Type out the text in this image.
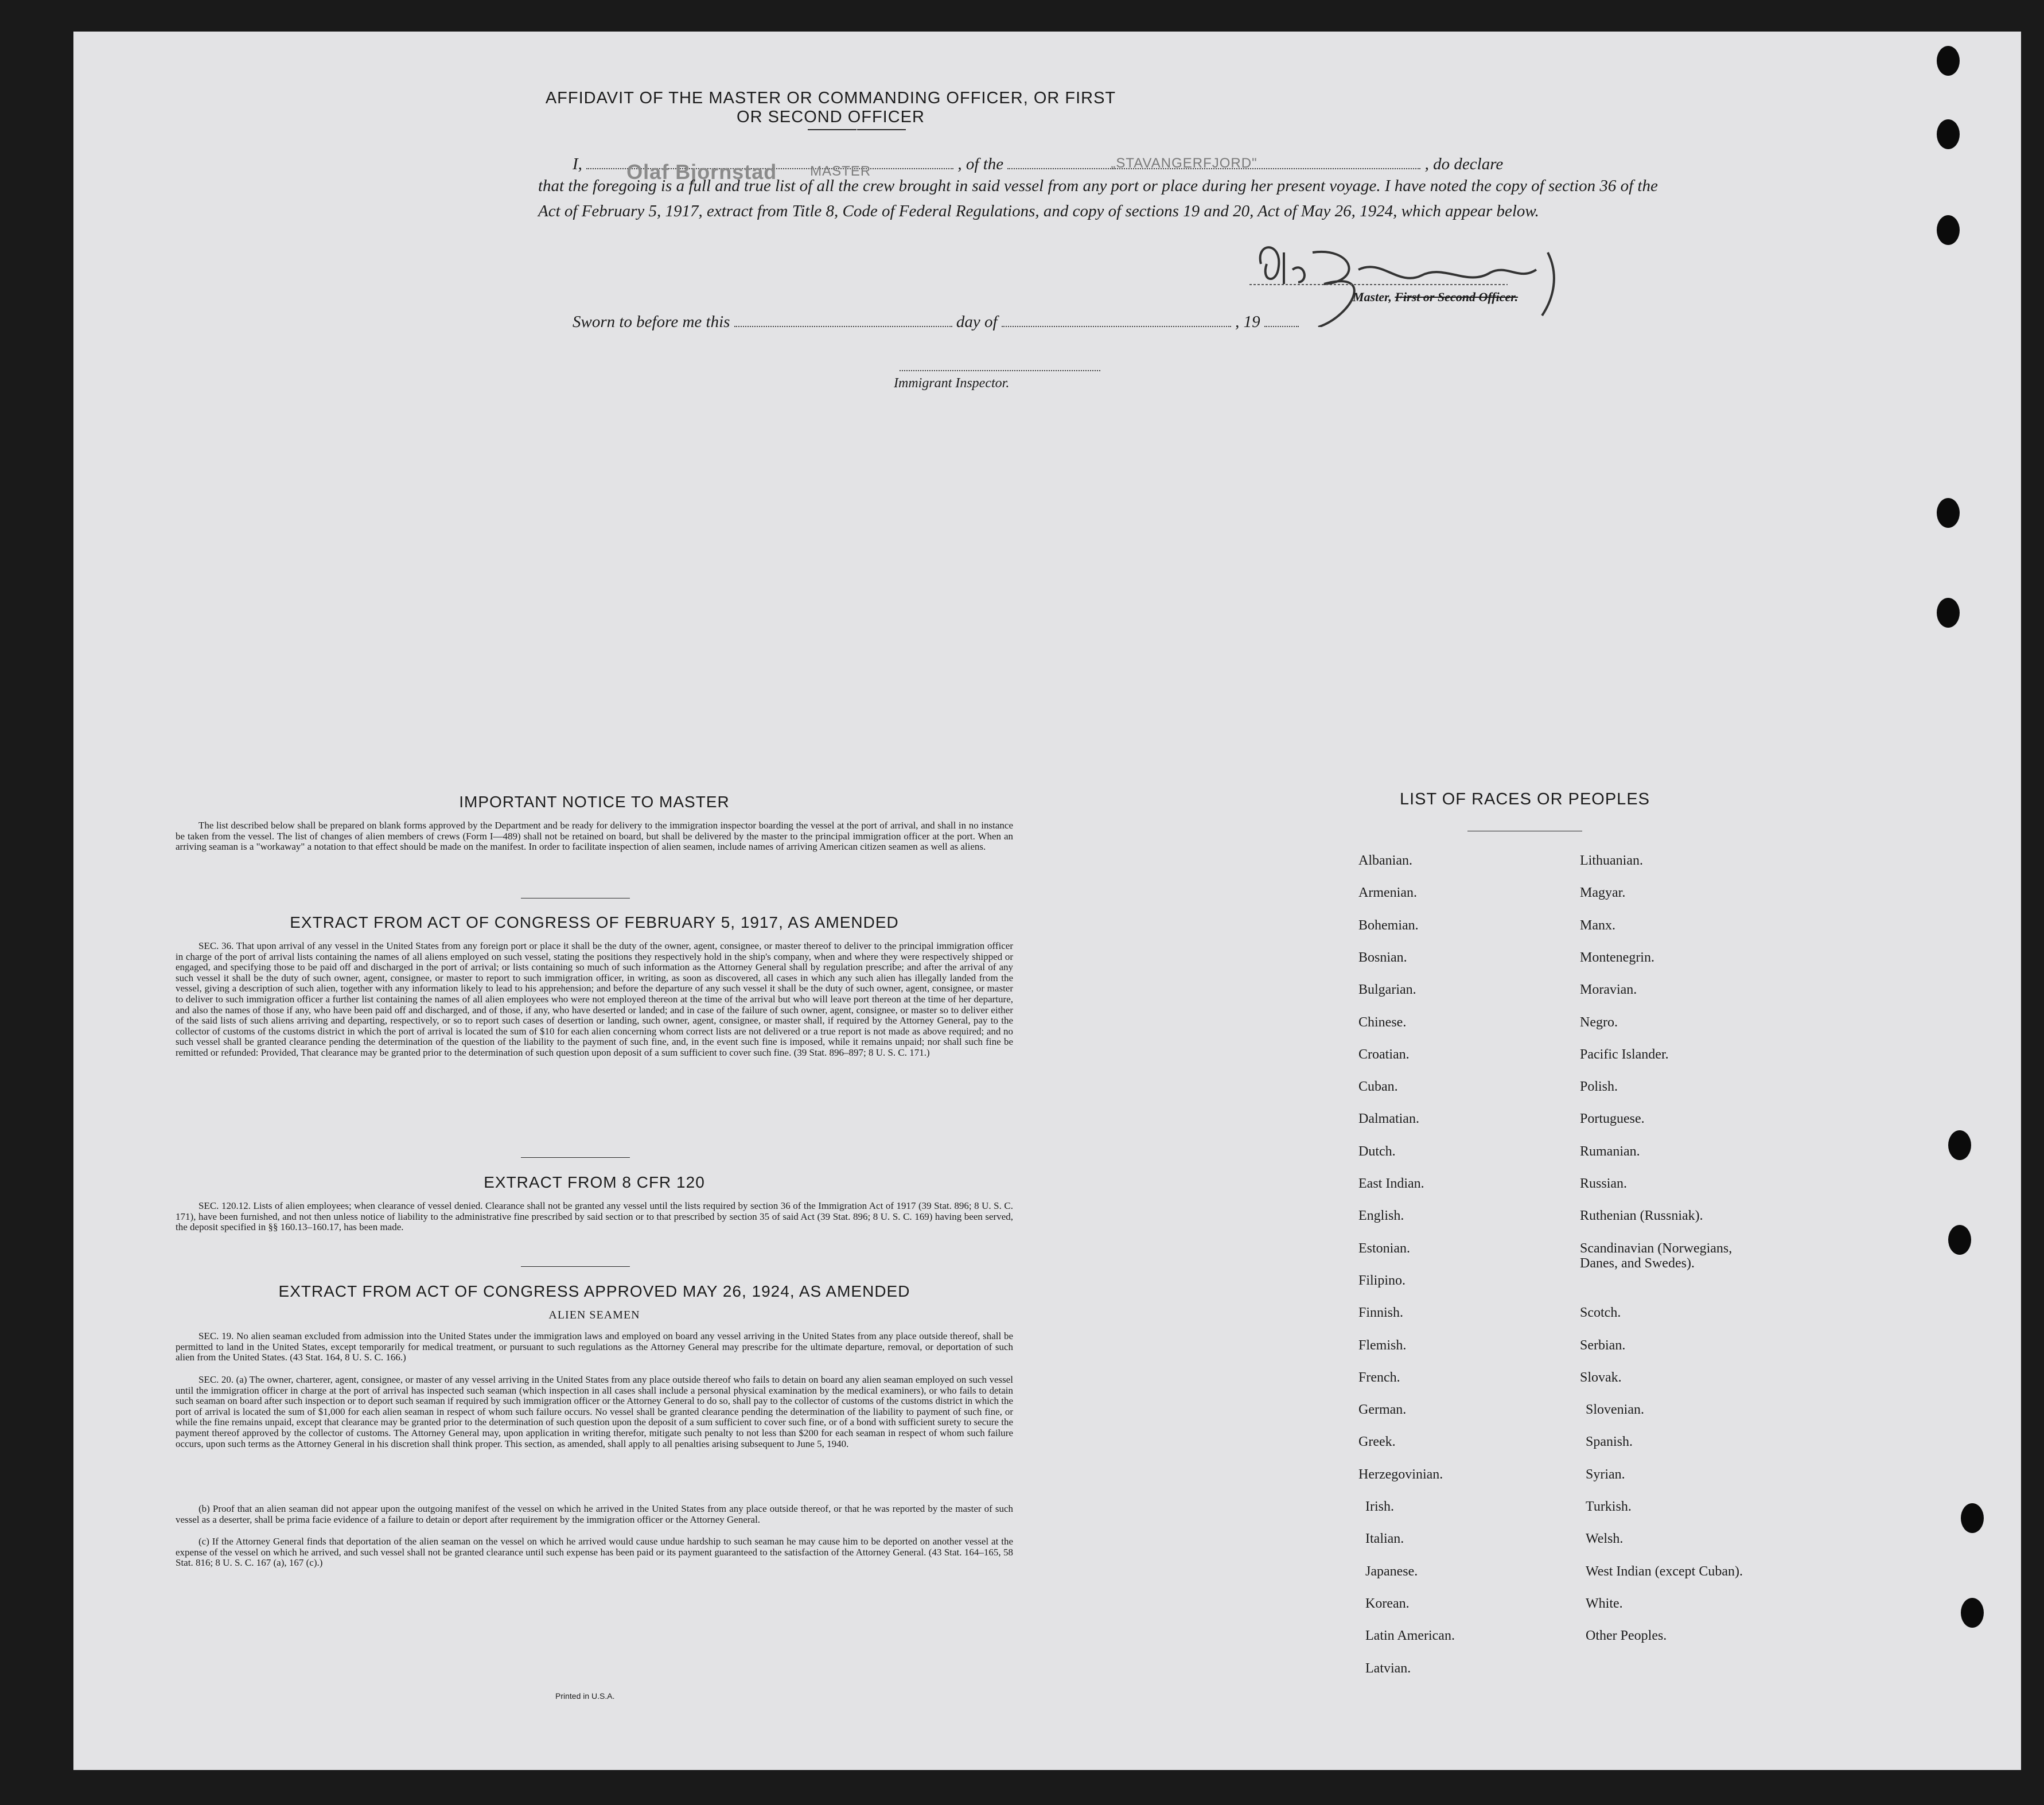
AFFIDAVIT OF THE MASTER OR COMMANDING OFFICER, OR FIRST OR SECOND OFFICER
I, Olaf Bjornstad MASTER	, of the	„STAVANGERFJORD"	, do declare
that the foregoing is a full and true list of all the crew brought in said vessel from any port or place during her present voyage. I have noted the copy of section 36 of the Act of February 5, 1917, extract from Title 8, Code of Federal Regulations, and copy of sections 19 and 20, Act of May 26, 1924, which appear below.
Master, First or Second Officer.
Sworn to before me this	day of	, 19
Immigrant Inspector.
IMPORTANT NOTICE TO MASTER

The list described below shall be prepared on blank forms approved by the Department and be ready for delivery to the immigration inspector boarding the vessel at the port of arrival, and shall in no instance be taken from the vessel. The list of changes of alien members of crews (Form I—489) shall not be retained on board, but shall be delivered by the master to the principal immigration officer at the port. When an arriving seaman is a "workaway" a notation to that effect should be made on the manifest. In order to facilitate inspection of alien seamen, include names of arriving American citizen seamen as well as aliens.

EXTRACT FROM ACT OF CONGRESS OF FEBRUARY 5, 1917, AS AMENDED

SEC. 36. That upon arrival of any vessel in the United States from any foreign port or place it shall be the duty of the owner, agent, consignee, or master thereof to deliver to the principal immigration officer in charge of the port of arrival lists containing the names of all aliens employed on such vessel, stating the positions they respectively hold in the ship's company, when and where they were respectively shipped or engaged, and specifying those to be paid off and discharged in the port of arrival; or lists containing so much of such information as the Attorney General shall by regulation prescribe; and after the arrival of any such vessel it shall be the duty of such owner, agent, consignee, or master to report to such immigration officer, in writing, as soon as discovered, all cases in which any such alien has illegally landed from the vessel, giving a description of such alien, together with any information likely to lead to his apprehension; and before the departure of any such vessel it shall be the duty of such owner, agent, consignee, or master to deliver to such immigration officer a further list containing the names of all alien employees who were not employed thereon at the time of the arrival but who will leave port thereon at the time of her departure, and also the names of those if any, who have been paid off and discharged, and of those, if any, who have deserted or landed; and in case of the failure of such owner, agent, consignee, or master so to deliver either of the said lists of such aliens arriving and departing, respectively, or so to report such cases of desertion or landing, such owner, agent, consignee, or master shall, if required by the Attorney General, pay to the collector of customs of the customs district in which the port of arrival is located the sum of $10 for each alien concerning whom correct lists are not delivered or a true report is not made as above required; and no such vessel shall be granted clearance pending the determination of the question of the liability to the payment of such fine, and, in the event such fine is imposed, while it remains unpaid; nor shall such fine be remitted or refunded: Provided, That clearance may be granted prior to the determination of such question upon deposit of a sum sufficient to cover such fine. (39 Stat. 896–897; 8 U. S. C. 171.)

EXTRACT FROM 8 CFR 120

SEC. 120.12. Lists of alien employees; when clearance of vessel denied. Clearance shall not be granted any vessel until the lists required by section 36 of the Immigration Act of 1917 (39 Stat. 896; 8 U. S. C. 171), have been furnished, and not then unless notice of liability to the administrative fine prescribed by said section or to that prescribed by section 35 of said Act (39 Stat. 896; 8 U. S. C. 169) having been served, the deposit specified in §§ 160.13–160.17, has been made.

EXTRACT FROM ACT OF CONGRESS APPROVED MAY 26, 1924, AS AMENDED
ALIEN SEAMEN

SEC. 19. No alien seaman excluded from admission into the United States under the immigration laws and employed on board any vessel arriving in the United States from any place outside thereof, shall be permitted to land in the United States, except temporarily for medical treatment, or pursuant to such regulations as the Attorney General may prescribe for the ultimate departure, removal, or deportation of such alien from the United States. (43 Stat. 164, 8 U. S. C. 166.)

SEC. 20. (a) The owner, charterer, agent, consignee, or master of any vessel arriving in the United States from any place outside thereof who fails to detain on board any alien seaman employed on such vessel until the immigration officer in charge at the port of arrival has inspected such seaman (which inspection in all cases shall include a personal physical examination by the medical examiners), or who fails to detain such seaman on board after such inspection or to deport such seaman if required by such immigration officer or the Attorney General to do so, shall pay to the collector of customs of the customs district in which the port of arrival is located the sum of $1,000 for each alien seaman in respect of whom such failure occurs. No vessel shall be granted clearance pending the determination of the liability to payment of such fine, or while the fine remains unpaid, except that clearance may be granted prior to the determination of such question upon the deposit of a sum sufficient to cover such fine, or of a bond with sufficient surety to secure the payment thereof approved by the collector of customs. The Attorney General may, upon application in writing therefor, mitigate such penalty to not less than $200 for each seaman in respect of whom such failure occurs, upon such terms as the Attorney General in his discretion shall think proper. This section, as amended, shall apply to all penalties arising subsequent to June 5, 1940.

(b) Proof that an alien seaman did not appear upon the outgoing manifest of the vessel on which he arrived in the United States from any place outside thereof, or that he was reported by the master of such vessel as a deserter, shall be prima facie evidence of a failure to detain or deport after requirement by the immigration officer or the Attorney General.

(c) If the Attorney General finds that deportation of the alien seaman on the vessel on which he arrived would cause undue hardship to such seaman he may cause him to be deported on another vessel at the expense of the vessel on which he arrived, and such vessel shall not be granted clearance until such expense has been paid or its payment guaranteed to the satisfaction of the Attorney General. (43 Stat. 164–165, 58 Stat. 816; 8 U. S. C. 167 (a), 167 (c).)

Printed in U.S.A.
LIST OF RACES OR PEOPLES
Albanian.
Armenian.
Bohemian.
Bosnian.
Bulgarian.
Chinese.
Croatian.
Cuban.
Dalmatian.
Dutch.
East Indian.
English.
Estonian.
Filipino.
Finnish.
Flemish.
French.
German.
Greek.
Herzegovinian.
Irish.
Italian.
Japanese.
Korean.
Latin American.
Latvian.
Lithuanian.
Magyar.
Manx.
Montenegrin.
Moravian.
Negro.
Pacific Islander.
Polish.
Portuguese.
Rumanian.
Russian.
Ruthenian (Russniak).
Scandinavian (Norwegians,
Danes, and Swedes).
Scotch.
Serbian.
Slovak.
Slovenian.
Spanish.
Syrian.
Turkish.
Welsh.
West Indian (except Cuban).
White.
Other Peoples.
